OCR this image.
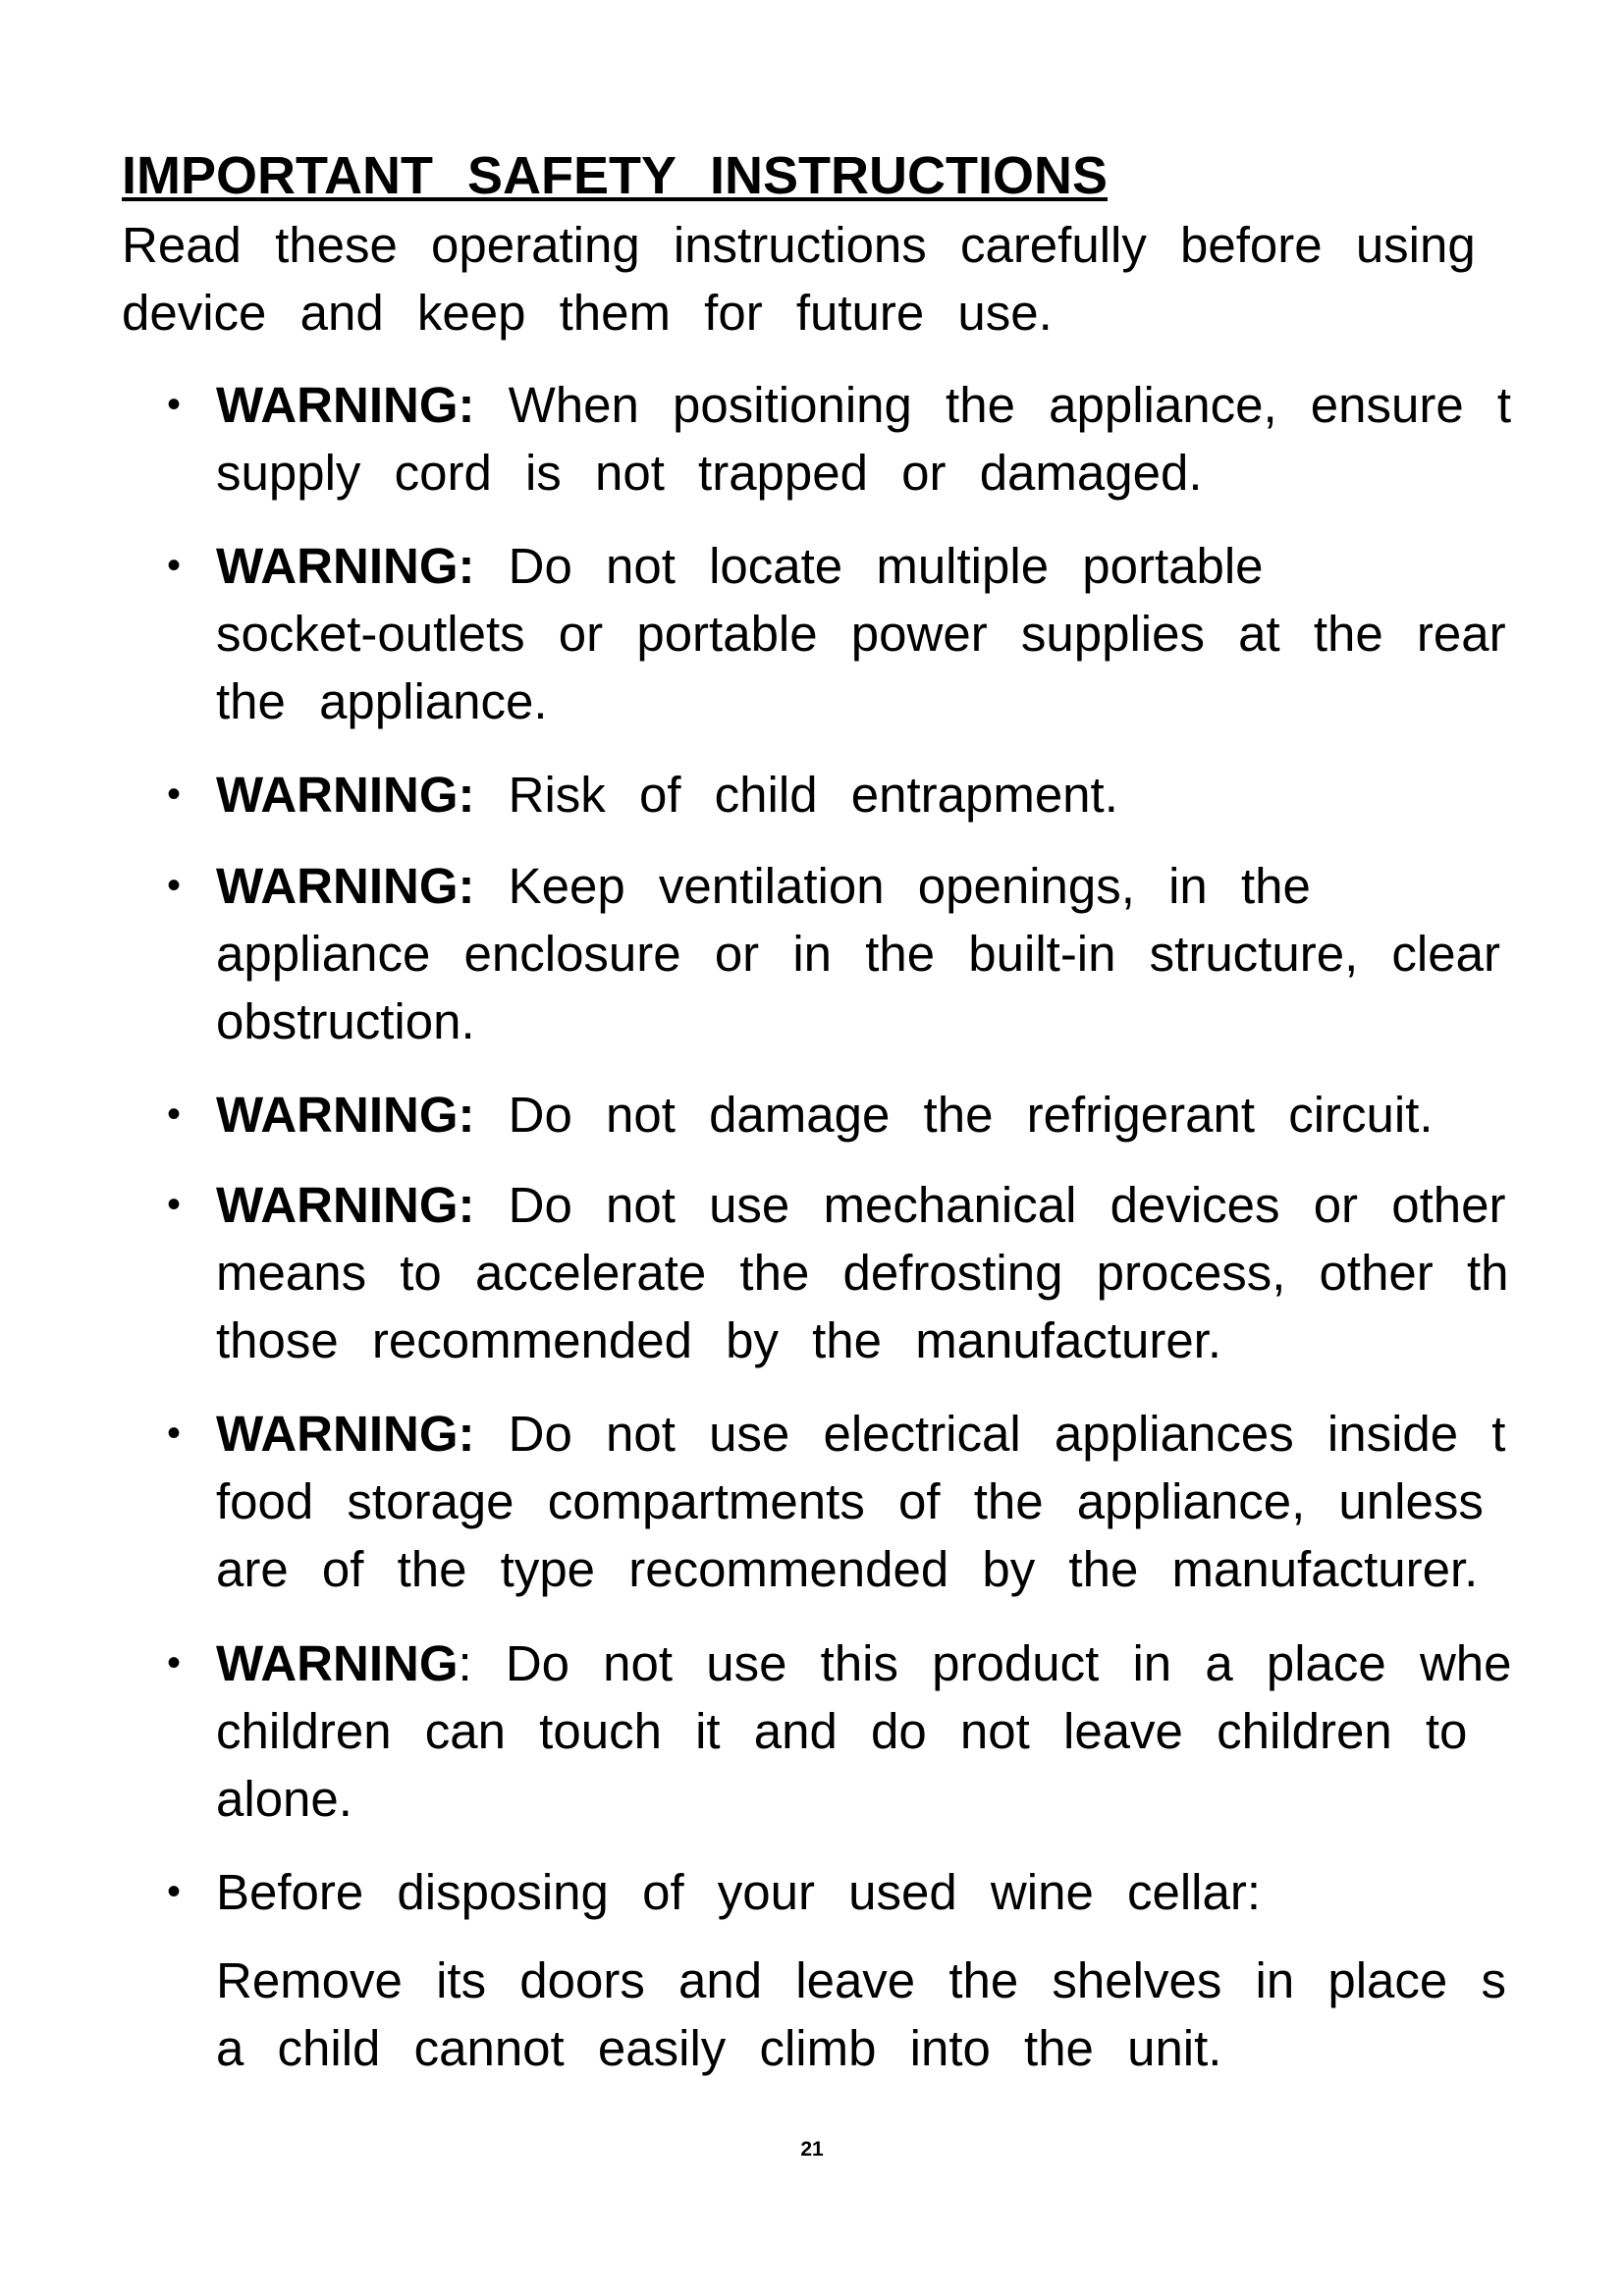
IMPORTANT SAFETY INSTRUCTIONS

Read these operating instructions carefully before using
device and keep them for future use.

• WARNING: When positioning the appliance, ensure t
supply cord is not trapped or damaged.

• WARNING: Do not locate multiple portable
socket-outlets or portable power supplies at the rear
the appliance.

• WARNING: Risk of child entrapment.

• WARNING: Keep ventilation openings, in the
appliance enclosure or in the built-in structure, clear
obstruction.

• WARNING: Do not damage the refrigerant circuit.

• WARNING: Do not use mechanical devices or other
means to accelerate the defrosting process, other th
those recommended by the manufacturer.

• WARNING: Do not use electrical appliances inside t
food storage compartments of the appliance, unless
are of the type recommended by the manufacturer.

• WARNING: Do not use this product in a place whe
children can touch it and do not leave children to
alone.

• Before disposing of your used wine cellar:

Remove its doors and leave the shelves in place s
a child cannot easily climb into the unit.

21
